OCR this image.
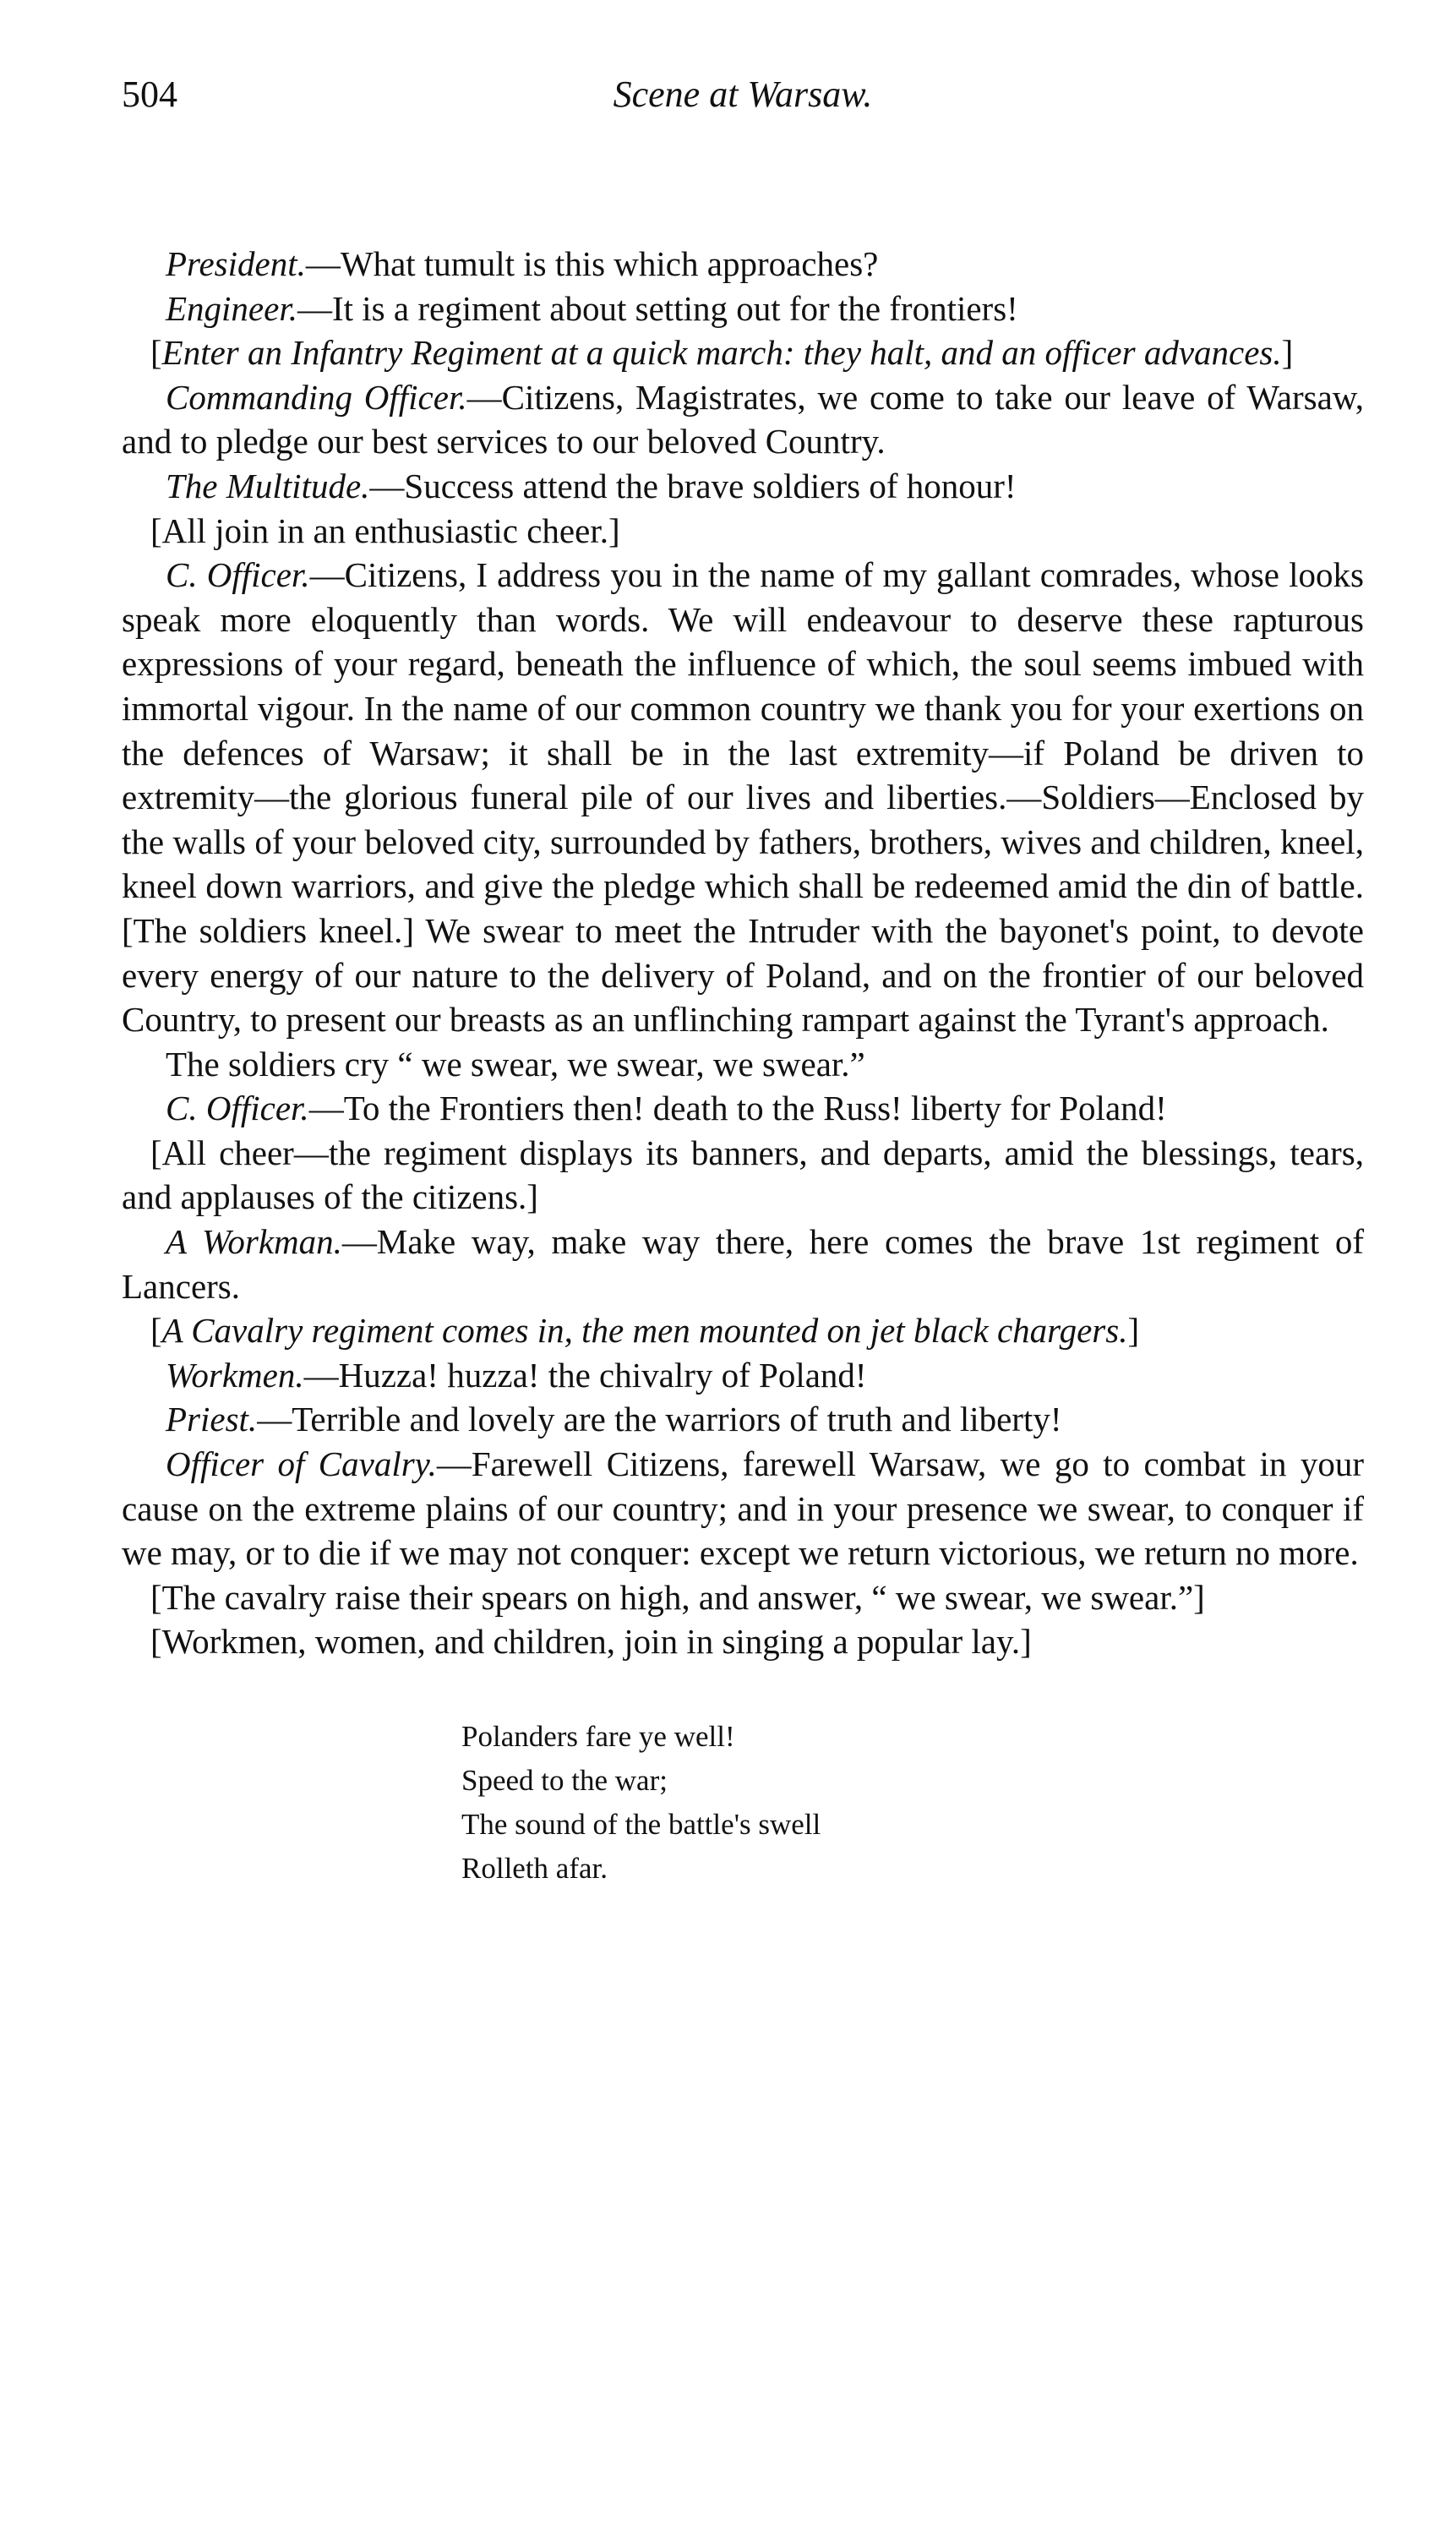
504	Scene at Warsaw.

President.—What tumult is this which approaches?

Engineer.—It is a regiment about setting out for the frontiers!

[Enter an Infantry Regiment at a quick march: they halt, and an officer advances.]

Commanding Officer.—Citizens, Magistrates, we come to take our leave of Warsaw, and to pledge our best services to our beloved Country.

The Multitude.—Success attend the brave soldiers of honour!

[All join in an enthusiastic cheer.]

C. Officer.—Citizens, I address you in the name of my gallant comrades, whose looks speak more eloquently than words. We will endeavour to deserve these rapturous expressions of your regard, beneath the influence of which, the soul seems imbued with immortal vigour. In the name of our common country we thank you for your exertions on the defences of Warsaw; it shall be in the last extremity—if Poland be driven to extremity—the glorious funeral pile of our lives and liberties.—Soldiers—Enclosed by the walls of your beloved city, surrounded by fathers, brothers, wives and children, kneel, kneel down warriors, and give the pledge which shall be redeemed amid the din of battle. [The soldiers kneel.] We swear to meet the Intruder with the bayonet's point, to devote every energy of our nature to the delivery of Poland, and on the frontier of our beloved Country, to present our breasts as an unflinching rampart against the Tyrant's approach.

The soldiers cry “ we swear, we swear, we swear.”

C. Officer.—To the Frontiers then! death to the Russ! liberty for Poland!

[All cheer—the regiment displays its banners, and departs, amid the blessings, tears, and applauses of the citizens.]

A Workman.—Make way, make way there, here comes the brave 1st regiment of Lancers.

[A Cavalry regiment comes in, the men mounted on jet black chargers.]

Workmen.—Huzza! huzza! the chivalry of Poland!

Priest.—Terrible and lovely are the warriors of truth and liberty!

Officer of Cavalry.—Farewell Citizens, farewell Warsaw, we go to combat in your cause on the extreme plains of our country; and in your presence we swear, to conquer if we may, or to die if we may not conquer: except we return victorious, we return no more.

[The cavalry raise their spears on high, and answer, “ we swear, we swear.”]

[Workmen, women, and children, join in singing a popular lay.]

Polanders fare ye well!
Speed to the war;
The sound of the battle's swell
Rolleth afar.
